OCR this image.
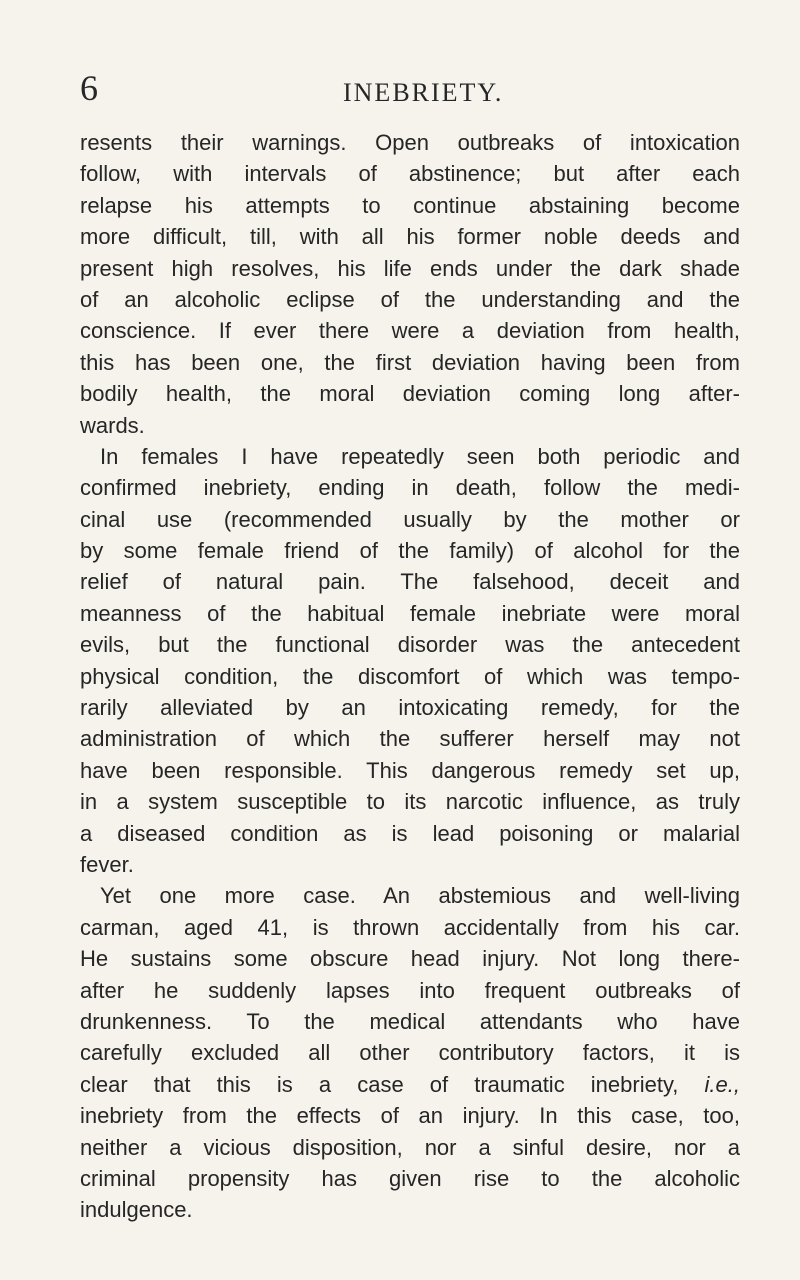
6	INEBRIETY.
resents their warnings. Open outbreaks of intoxication
follow, with intervals of abstinence; but after each
relapse his attempts to continue abstaining become
more difficult, till, with all his former noble deeds and
present high resolves, his life ends under the dark shade
of an alcoholic eclipse of the understanding and the
conscience. If ever there were a deviation from health,
this has been one, the first deviation having been from
bodily health, the moral deviation coming long after-
wards.
In females I have repeatedly seen both periodic and
confirmed inebriety, ending in death, follow the medi-
cinal use (recommended usually by the mother or
by some female friend of the family) of alcohol for the
relief of natural pain. The falsehood, deceit and
meanness of the habitual female inebriate were moral
evils, but the functional disorder was the antecedent
physical condition, the discomfort of which was tempo-
rarily alleviated by an intoxicating remedy, for the
administration of which the sufferer herself may not
have been responsible. This dangerous remedy set up,
in a system susceptible to its narcotic influence, as truly
a diseased condition as is lead poisoning or malarial
fever.
Yet one more case. An abstemious and well-living
carman, aged 41, is thrown accidentally from his car.
He sustains some obscure head injury. Not long there-
after he suddenly lapses into frequent outbreaks of
drunkenness. To the medical attendants who have
carefully excluded all other contributory factors, it is
clear that this is a case of traumatic inebriety, i.e.,
inebriety from the effects of an injury. In this case, too,
neither a vicious disposition, nor a sinful desire, nor a
criminal propensity has given rise to the alcoholic
indulgence.
